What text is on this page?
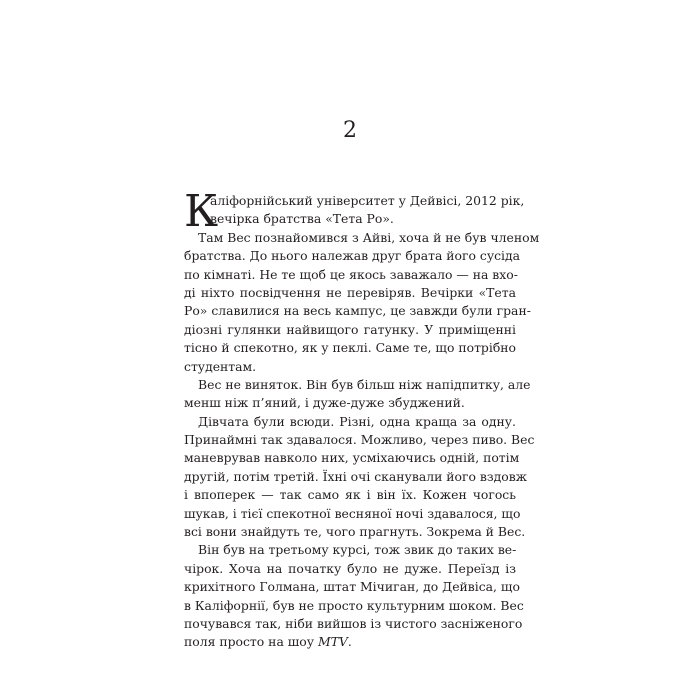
2
К
аліфорнійський університет у Дейвісі, 2012 рік,
вечірка братства «Тета Ро».
Там Вес познайомився з Айві, хоча й не був членом
братства. До нього належав друг брата його сусіда
по кімнаті. Не те щоб це якось заважало — на вхо-
ді ніхто посвідчення не перевіряв. Вечірки «Тета
Ро» славилися на весь кампус, це завжди були гран-
діозні гулянки найвищого гатунку. У приміщенні
тісно й спекотно, як у пеклі. Саме те, що потрібно
студентам.
Вес не виняток. Він був більш ніж напідпитку, але
менш ніж п’яний, і дуже-дуже збуджений.
Дівчата були всюди. Різні, одна краща за одну.
Принаймні так здавалося. Можливо, через пиво. Вес
маневрував навколо них, усміхаючись одній, потім
другій, потім третій. Їхні очі сканували його вздовж
і впоперек — так само як і він їх. Кожен чогось
шукав, і тієї спекотної весняної ночі здавалося, що
всі вони знайдуть те, чого прагнуть. Зокрема й Вес.
Він був на третьому курсі, тож звик до таких ве-
чірок. Хоча на початку було не дуже. Переїзд із
крихітного Голмана, штат Мічиган, до Дейвіса, що
в Каліфорнії, був не просто культурним шоком. Вес
почувався так, ніби вийшов із чистого засніженого
поля просто на шоу MTV.
